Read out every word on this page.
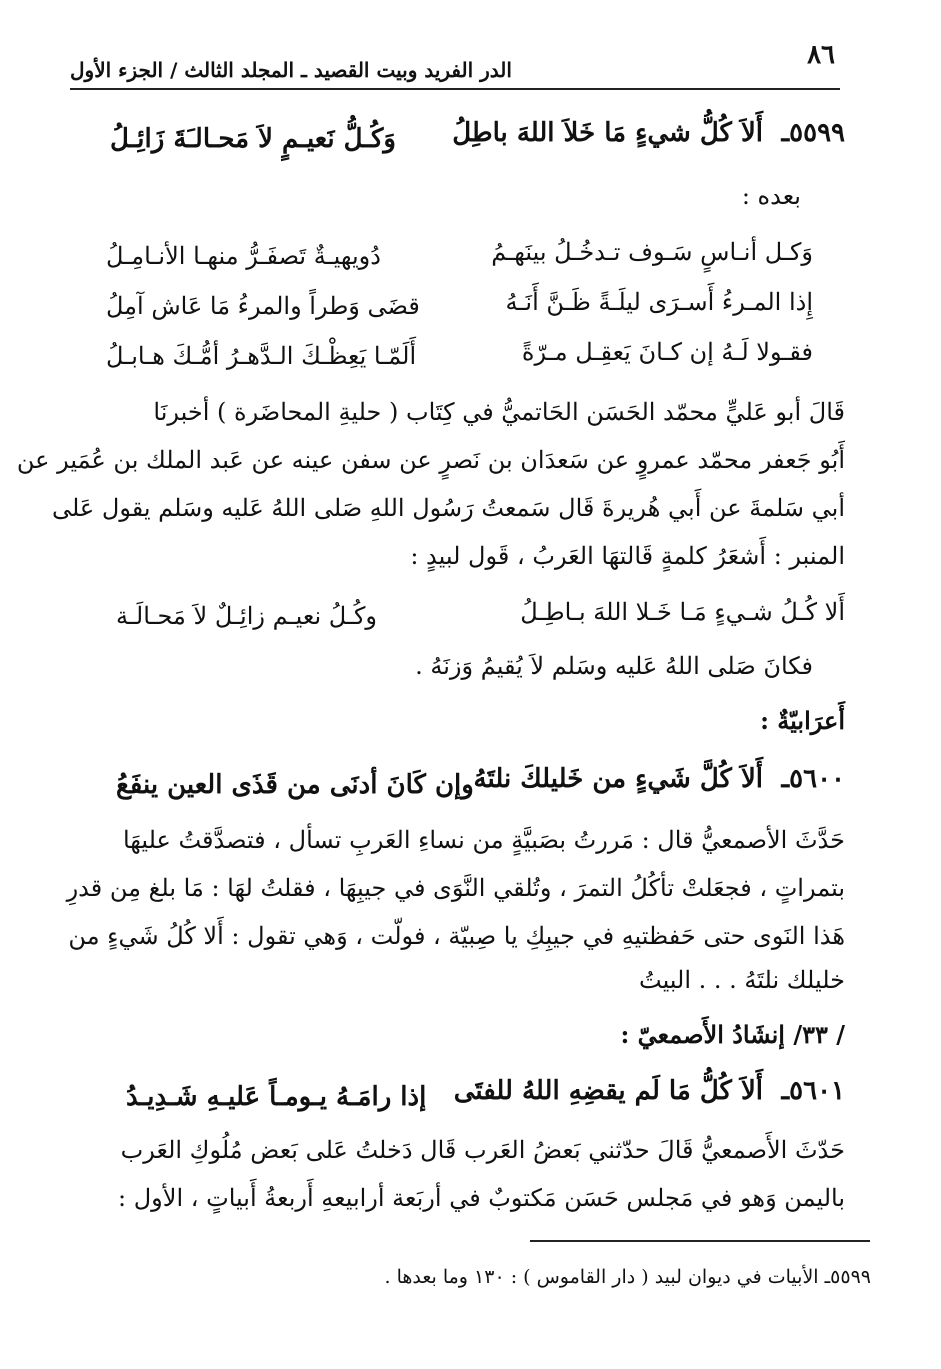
٨٦
الدر الفريد وبيت القصيد ـ المجلد الثالث / الجزء الأول
٥٥٩٩ـ
أَلاَ كُلُّ شيءٍ مَا خَلاَ اللهَ باطِلُ
وَكُـلُّ نَعيـمٍ لاَ مَحـالـَةَ زَائِـلُ
بعده :
وَكـل أنـاسٍ سَـوف تـدخُـلُ بينَهـمُ
دُويهيـةٌ تَصفَـرُّ منهـا الأنـامِـلُ
إِذا المـرءُ أَسـرَى ليلَـةً ظَـنَّ أَنَـهُ
قضَى وَطراً والمرءُ مَا عَاش آمِلُ
فقـولا لَـهُ إن كـانَ يَعقِـل مـرّةً
أَلَمّـا يَعِظْـكَ الـدَّهـرُ أمُّـكَ هـابـلُ
قَالَ أبو عَليٍّ محمّد الحَسَن الحَاتميُّ في كِتَاب ( حليةِ المحاضَرة ) أخبرنَا
أَبُو جَعفر محمّد عمروٍ عن سَعدَان بن نَصرٍ عن سفن عينه عن عَبد الملك بن عُمَير عن
أبي سَلمةَ عن أَبي هُريرةَ قَال سَمعتُ رَسُول اللهِ صَلى اللهُ عَليه وسَلم يقول عَلى
المنبر : أَشعَرُ كلمةٍ قَالتهَا العَربُ ، قَول لبيدٍ :
أَلا كُـلُ شـيءٍ مَـا خَـلا اللهَ بـاطِـلُ
وكُـلُ نعيـم زائِـلٌ لاَ مَحـالَـة
فكانَ صَلى اللهُ عَليه وسَلم لاَ يُقيمُ وَزنَهُ .
أَعرَابيّةٌ :
٥٦٠٠ـ
أَلاَ كُلَّ شَيءٍ من خَليلكَ نلتَهُ
وإن كَانَ أدنَى من قَذَى العين ينفَعُ
حَدَّثَ الأصمعيُّ قال : مَررتُ بصَبيَّةٍ من نساءِ العَربِ تسأل ، فتصدَّقتُ عليهَا
بتمراتٍ ، فجعَلتْ تأكُلُ التمرَ ، وتُلقي النَّوَى في جيبِهَا ، فقلتُ لهَا : مَا بلغ مِن قدرِ
هَذا النَوى حتى حَفظتيهِ في جيبِكِ يا صِبيّة ، فولّت ، وَهي تقول : أَلا كُلُ شَيءٍ من
خليلك نلتَهُ . . . البيتُ
/ ٣٣/ إنشَادُ الأَصمعيّ :
٥٦٠١ـ
أَلاَ كُلُّ مَا لَم يقضِهِ اللهُ للفتَى
إذا رامَـهُ يـومـاً عَليـهِ شَـدِيـدُ
حَدّثَ الأَصمعيُّ قَالَ حدّثني بَعضُ العَرب قَال دَخلتُ عَلى بَعض مُلُوكِ العَرب
باليمن وَهو في مَجلس حَسَن مَكتوبٌ في أربَعة أرابيعهِ أَربعةُ أَبياتٍ ، الأول :
٥٥٩٩ـ الأبيات في ديوان لبيد ( دار القاموس ) : ١٣٠ وما بعدها .
